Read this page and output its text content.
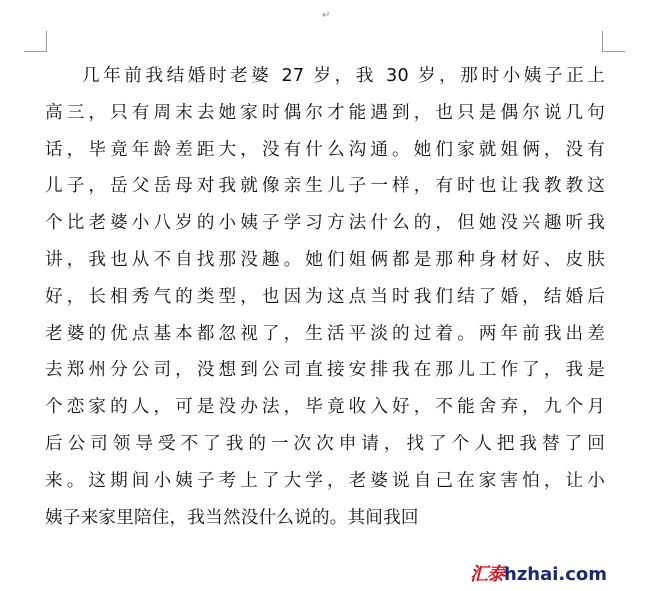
↵
几年前我结婚时老婆 27 岁，我 30 岁，那时小姨子正上
高三，只有周末去她家时偶尔才能遇到，也只是偶尔说几句
话，毕竟年龄差距大，没有什么沟通。她们家就姐俩，没有
儿子，岳父岳母对我就像亲生儿子一样，有时也让我教教这
个比老婆小八岁的小姨子学习方法什么的，但她没兴趣听我
讲，我也从不自找那没趣。她们姐俩都是那种身材好、皮肤
好，长相秀气的类型，也因为这点当时我们结了婚，结婚后
老婆的优点基本都忽视了，生活平淡的过着。两年前我出差
去郑州分公司，没想到公司直接安排我在那儿工作了，我是
个恋家的人，可是没办法，毕竟收入好，不能舍弃，九个月
后公司领导受不了我的一次次申请，找了个人把我替了回
来。这期间小姨子考上了大学，老婆说自己在家害怕，让小
姨子来家里陪住，我当然没什么说的。其间我回
汇泰 hzhai.com
